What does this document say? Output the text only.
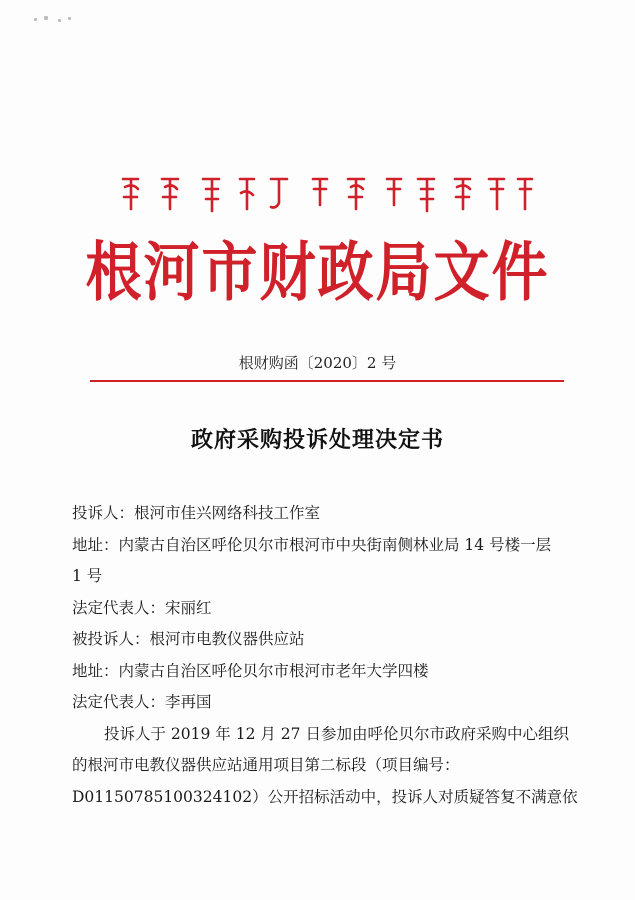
根河市财政局文件
根财购函〔2020〕2 号
政府采购投诉处理决定书
投诉人：根河市佳兴网络科技工作室
地址：内蒙古自治区呼伦贝尔市根河市中央街南侧林业局 14 号楼一层
1 号
法定代表人：宋丽红
被投诉人：根河市电教仪器供应站
地址：内蒙古自治区呼伦贝尔市根河市老年大学四楼
法定代表人：李再国
投诉人于 2019 年 12 月 27 日参加由呼伦贝尔市政府采购中心组织
的根河市电教仪器供应站通用项目第二标段（项目编号：
D01150785100324102）公开招标活动中，投诉人对质疑答复不满意依
